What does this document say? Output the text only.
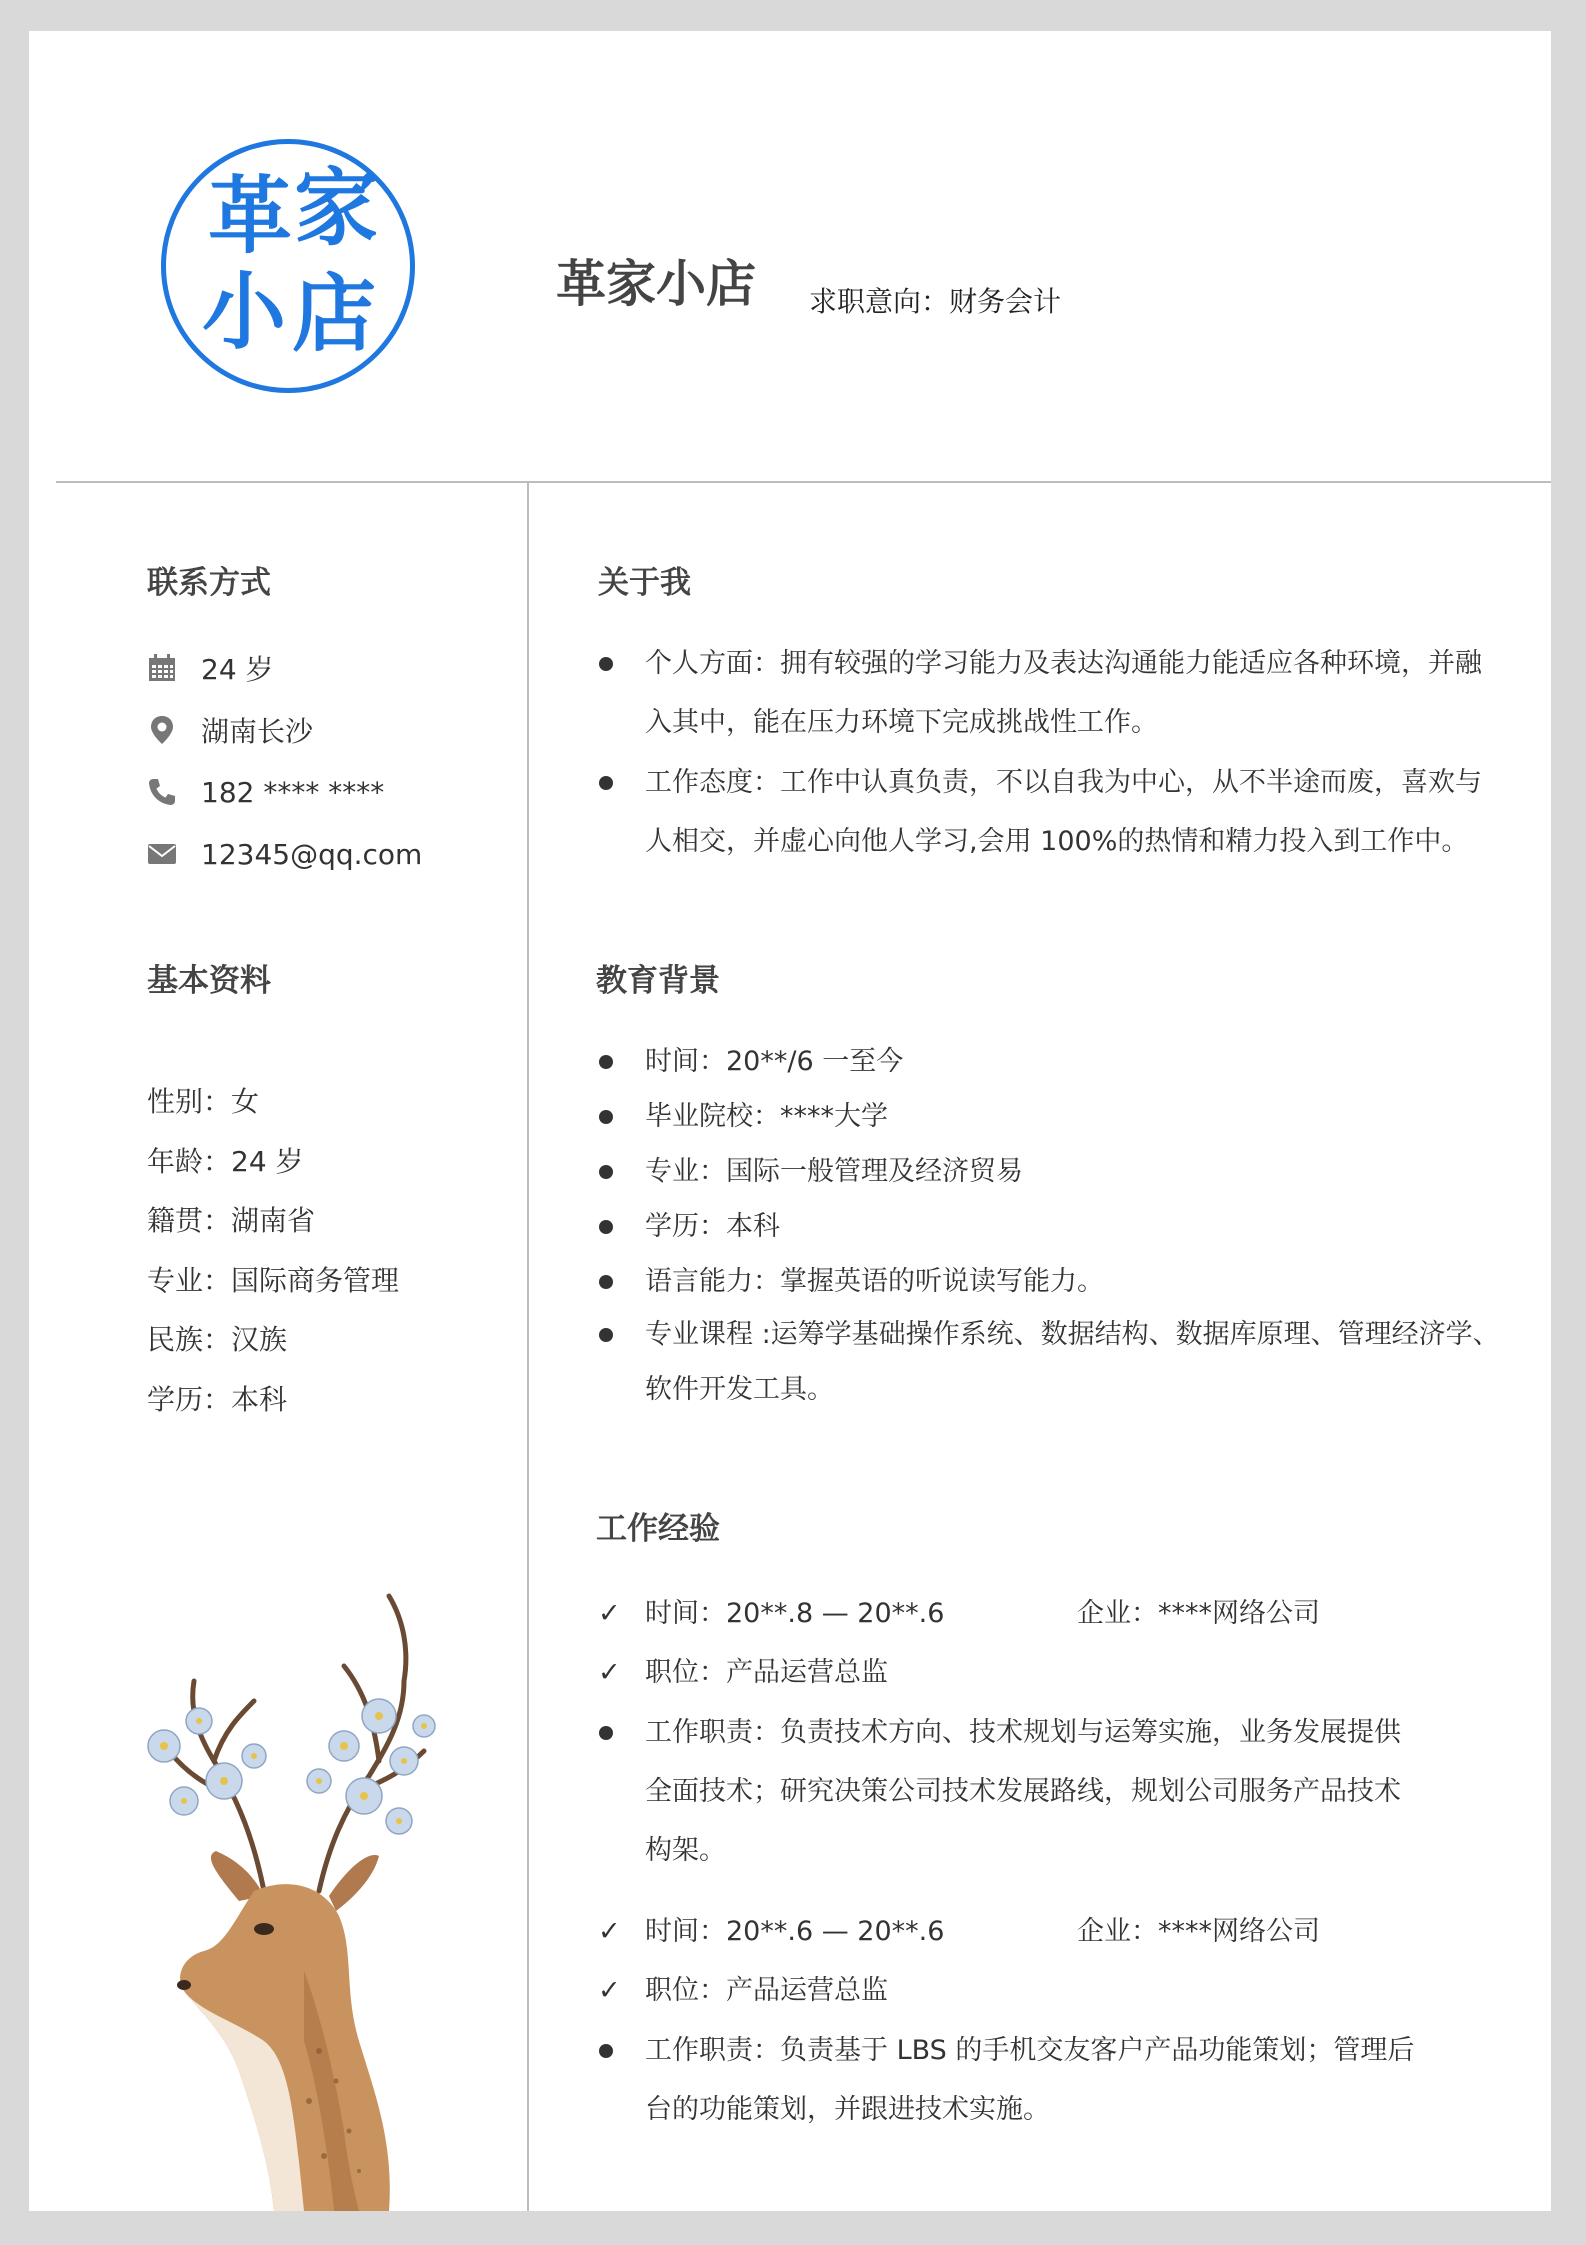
革 家
小 店	革家小店 求职意向：财务会计
联系方式
24 岁
湖南长沙
182 **** ****
12345@qq.com
基本资料
性别：女
年龄：24 岁
籍贯：湖南省
专业：国际商务管理
民族：汉族
学历：本科
关于我
个人方面：拥有较强的学习能力及表达沟通能力能适应各种环境，并融入其中，能在压力环境下完成挑战性工作。
工作态度：工作中认真负责，不以自我为中心，从不半途而废，喜欢与人相交，并虚心向他人学习,会用 100%的热情和精力投入到工作中。
教育背景
时间：20**/6 一至今
毕业院校：****大学
专业：国际一般管理及经济贸易
学历：本科
语言能力：掌握英语的听说读写能力。
专业课程 :运筹学基础操作系统、数据结构、数据库原理、管理经济学、软件开发工具。
工作经验
✓ 时间：20**.8 — 20**.6	企业：****网络公司
✓ 职位：产品运营总监
工作职责：负责技术方向、技术规划与运筹实施，业务发展提供全面技术；研究决策公司技术发展路线，规划公司服务产品技术构架。
✓ 时间：20**.6 — 20**.6	企业：****网络公司
✓ 职位：产品运营总监
工作职责：负责基于 LBS 的手机交友客户产品功能策划；管理后台的功能策划，并跟进技术实施。
